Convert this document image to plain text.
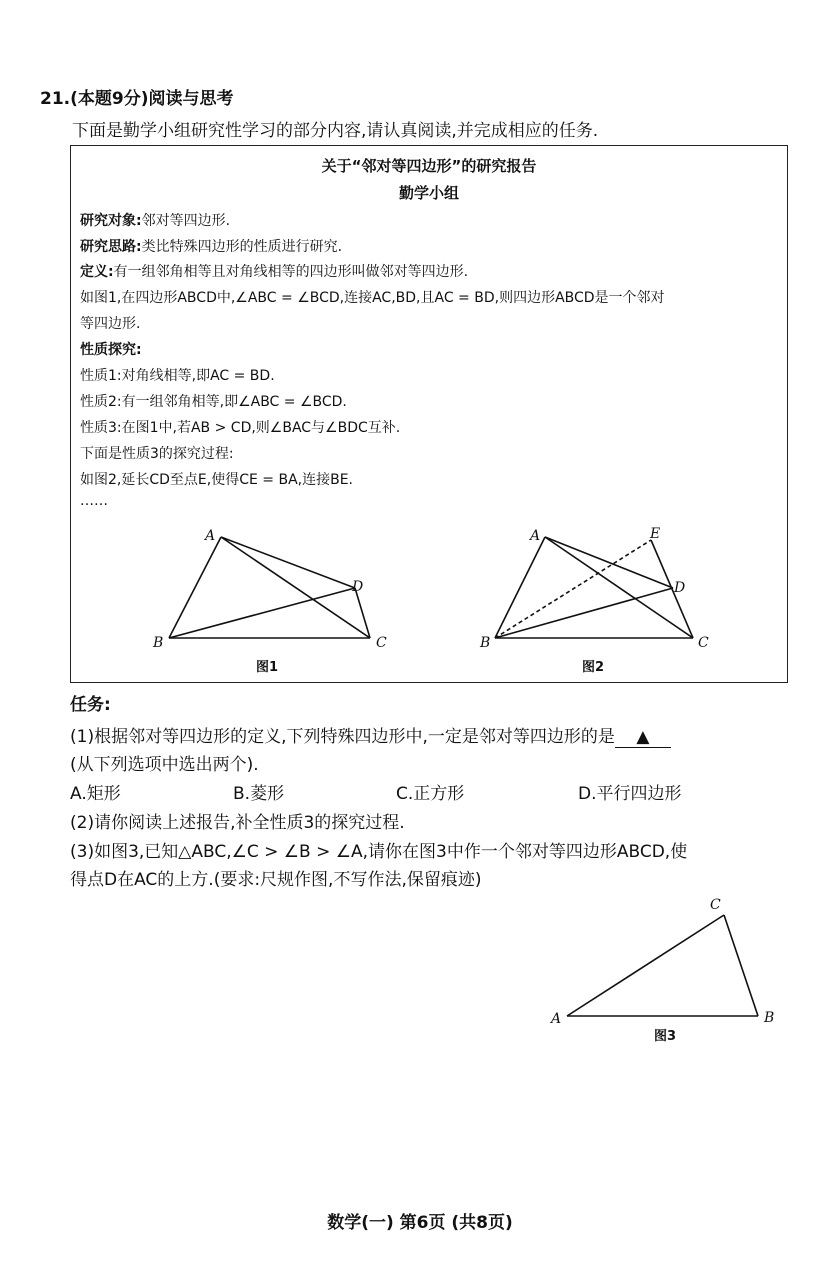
21.(本题9分)阅读与思考
下面是勤学小组研究性学习的部分内容,请认真阅读,并完成相应的任务.
关于“邻对等四边形”的研究报告
勤学小组
研究对象:邻对等四边形.
研究思路:类比特殊四边形的性质进行研究.
定义:有一组邻角相等且对角线相等的四边形叫做邻对等四边形.
如图1,在四边形ABCD中,∠ABC = ∠BCD,连接AC,BD,且AC = BD,则四边形ABCD是一个邻对
等四边形.
性质探究:
性质1:对角线相等,即AC = BD.
性质2:有一组邻角相等,即∠ABC = ∠BCD.
性质3:在图1中,若AB > CD,则∠BAC与∠BDC互补.
下面是性质3的探究过程:
如图2,延长CD至点E,使得CE = BA,连接BE.
……
A
B	C
D
图1
A
B	C
D
E
图2
A	B
C
图3
任务:
(1)根据邻对等四边形的定义,下列特殊四边形中,一定是邻对等四边形的是 ▲
(从下列选项中选出两个).
A.矩形	B.菱形	C.正方形	D.平行四边形
(2)请你阅读上述报告,补全性质3的探究过程.
(3)如图3,已知△ABC,∠C > ∠B > ∠A,请你在图3中作一个邻对等四边形ABCD,使
得点D在AC的上方.(要求:尺规作图,不写作法,保留痕迹)
数学(一) 第6页 (共8页)
